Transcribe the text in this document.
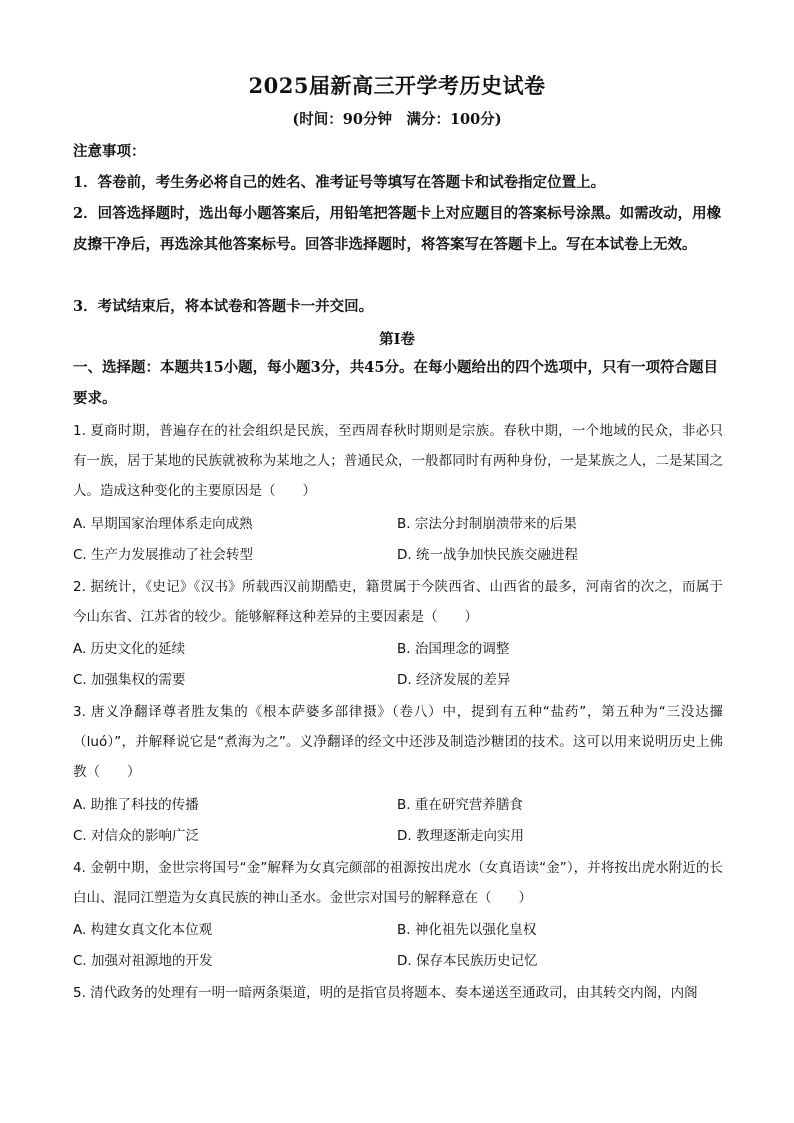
2025届新高三开学考历史试卷
(时间：90分钟　满分：100分)
注意事项：
1．答卷前，考生务必将自己的姓名、准考证号等填写在答题卡和试卷指定位置上。
2．回答选择题时，选出每小题答案后，用铅笔把答题卡上对应题目的答案标号涂黑。如需改动，用橡皮擦干净后，再选涂其他答案标号。回答非选择题时，将答案写在答题卡上。写在本试卷上无效。
3．考试结束后，将本试卷和答题卡一并交回。
第Ⅰ卷
一、选择题：本题共15小题，每小题3分，共45分。在每小题给出的四个选项中，只有一项符合题目要求。
1. 夏商时期，普遍存在的社会组织是民族，至西周春秋时期则是宗族。春秋中期，一个地域的民众，非必只有一族，居于某地的民族就被称为某地之人；普通民众，一般都同时有两种身份，一是某族之人，二是某国之人。造成这种变化的主要原因是（　　）
A. 早期国家治理体系走向成熟	B. 宗法分封制崩溃带来的后果
C. 生产力发展推动了社会转型	D. 统一战争加快民族交融进程
2. 据统计，《史记》《汉书》所载西汉前期酷吏，籍贯属于今陕西省、山西省的最多，河南省的次之，而属于今山东省、江苏省的较少。能够解释这种差异的主要因素是（　　）
A. 历史文化的延续	B. 治国理念的调整
C. 加强集权的需要	D. 经济发展的差异
3. 唐义净翻译尊者胜友集的《根本萨婆多部律摄》（卷八）中，提到有五种“盐药”，第五种为“三没达攞（luó）”，并解释说它是“煮海为之”。义净翻译的经文中还涉及制造沙糖团的技术。这可以用来说明历史上佛教（　　）
A. 助推了科技的传播	B. 重在研究营养膳食
C. 对信众的影响广泛	D. 教理逐渐走向实用
4. 金朝中期，金世宗将国号“金”解释为女真完颜部的祖源按出虎水（女真语读“金”），并将按出虎水附近的长白山、混同江塑造为女真民族的神山圣水。金世宗对国号的解释意在（　　）
A. 构建女真文化本位观	B. 神化祖先以强化皇权
C. 加强对祖源地的开发	D. 保存本民族历史记忆
5. 清代政务的处理有一明一暗两条渠道，明的是指官员将题本、奏本递送至通政司，由其转交内阁，内阁
